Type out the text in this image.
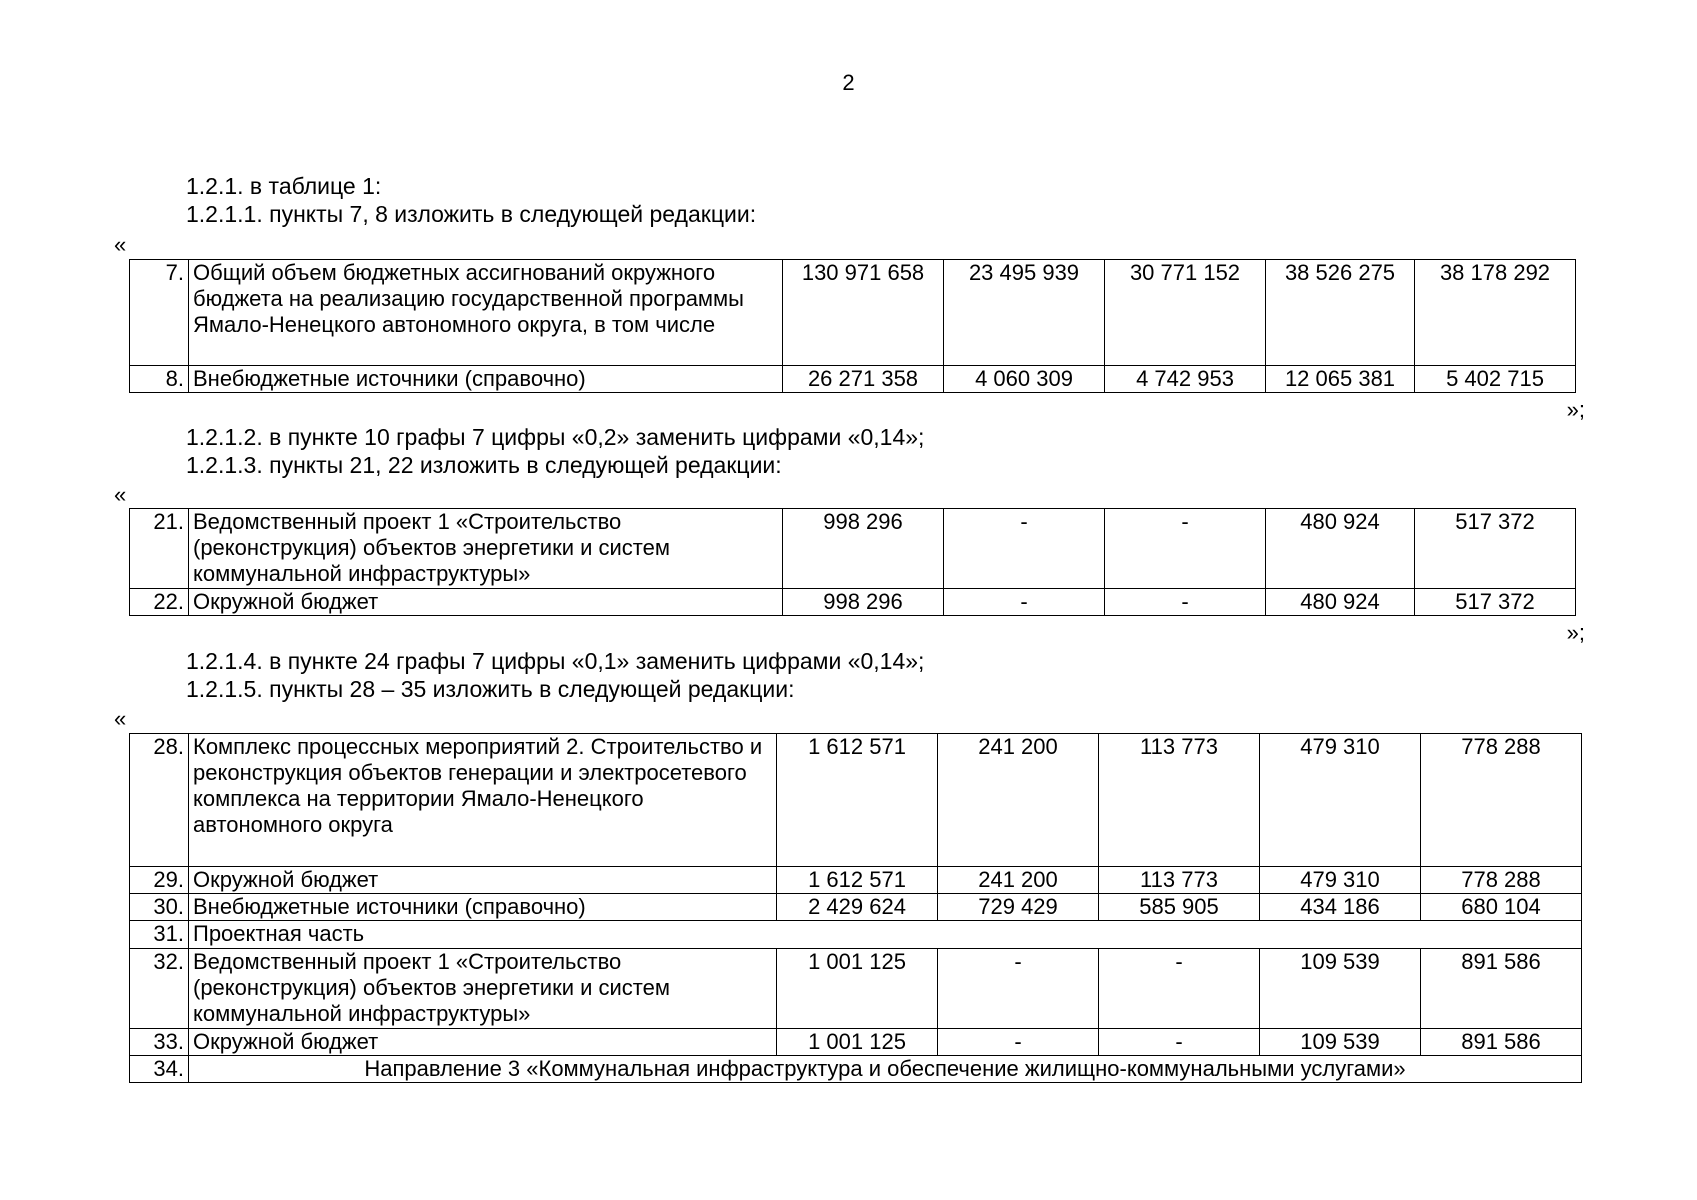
2
1.2.1. в таблице 1:
1.2.1.1. пункты 7, 8 изложить в следующей редакции:
«
7.	Общий объем бюджетных ассигнований окружного бюджета на реализацию государственной программы Ямало-Ненецкого автономного округа, в том числе	130 971 658	23 495 939	30 771 152	38 526 275	38 178 292
8.	Внебюджетные источники (справочно)	26 271 358	4 060 309	4 742 953	12 065 381	5 402 715
»;
1.2.1.2. в пункте 10 графы 7 цифры «0,2» заменить цифрами «0,14»;
1.2.1.3. пункты 21, 22 изложить в следующей редакции:
«
21.	Ведомственный проект 1 «Строительство (реконструкция) объектов энергетики и систем коммунальной инфраструктуры»	998 296	-	-	480 924	517 372
22.	Окружной бюджет	998 296	-	-	480 924	517 372
»;
1.2.1.4. в пункте 24 графы 7 цифры «0,1» заменить цифрами «0,14»;
1.2.1.5. пункты 28 – 35 изложить в следующей редакции:
«
28.	Комплекс процессных мероприятий 2. Строительство и реконструкция объектов генерации и электросетевого комплекса на территории Ямало-Ненецкого автономного округа	1 612 571	241 200	113 773	479 310	778 288
29.	Окружной бюджет	1 612 571	241 200	113 773	479 310	778 288
30.	Внебюджетные источники (справочно)	2 429 624	729 429	585 905	434 186	680 104
31.	Проектная часть					
32.	Ведомственный проект 1 «Строительство (реконструкция) объектов энергетики и систем коммунальной инфраструктуры»	1 001 125	-	-	109 539	891 586
33.	Окружной бюджет	1 001 125	-	-	109 539	891 586
34.	Направление 3 «Коммунальная инфраструктура и обеспечение жилищно-коммунальными услугами»					
